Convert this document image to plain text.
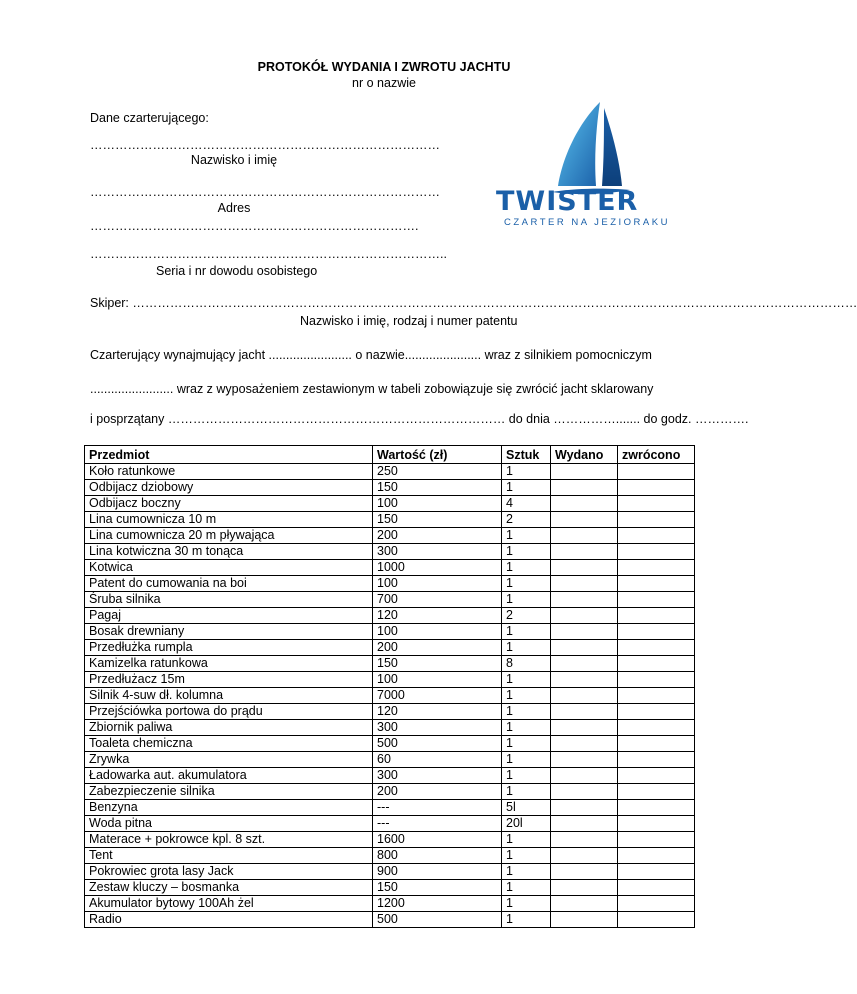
PROTOKÓŁ WYDANIA I ZWROTU JACHTU
nr o nazwie
Dane czarterującego:
…………………………………………………………………………
Nazwisko i imię
…………………………………………………………………………
Adres
…………………………………………………………………….
…………………………………………………………………………..
Seria i nr dowodu osobistego
Skiper: …………………………………………………………………………………………………………………………………………………………
Nazwisko i imię, rodzaj i numer patentu
Czarterujący wynajmujący jacht ........................ o nazwie...................... wraz z silnikiem pomocniczym
........................ wraz z wyposażeniem zestawionym w tabeli zobowiązuje się zwrócić jacht sklarowany
i posprzątany ……………………………………………………………………… do dnia ……………....... do godz. ………….
TWISTER
CZARTER NA JEZIORAKU
Przedmiot	Wartość (zł)	Sztuk	Wydano	zwrócono
Koło ratunkowe	250	1		
Odbijacz dziobowy	150	1		
Odbijacz boczny	100	4		
Lina cumownicza 10 m	150	2		
Lina cumownicza 20 m pływająca	200	1		
Lina kotwiczna 30 m tonąca	300	1		
Kotwica	1000	1		
Patent do cumowania na boi	100	1		
Śruba silnika	700	1		
Pagaj	120	2		
Bosak drewniany	100	1		
Przedłużka rumpla	200	1		
Kamizelka ratunkowa	150	8		
Przedłużacz 15m	100	1		
Silnik 4-suw dł. kolumna	7000	1		
Przejściówka portowa do prądu	120	1		
Zbiornik paliwa	300	1		
Toaleta chemiczna	500	1		
Zrywka	60	1		
Ładowarka aut. akumulatora	300	1		
Zabezpieczenie silnika	200	1		
Benzyna	---	5l		
Woda pitna	---	20l		
Materace + pokrowce kpl. 8 szt.	1600	1		
Tent	800	1		
Pokrowiec grota lasy Jack	900	1		
Zestaw kluczy – bosmanka	150	1		
Akumulator bytowy 100Ah żel	1200	1		
Radio	500	1		
